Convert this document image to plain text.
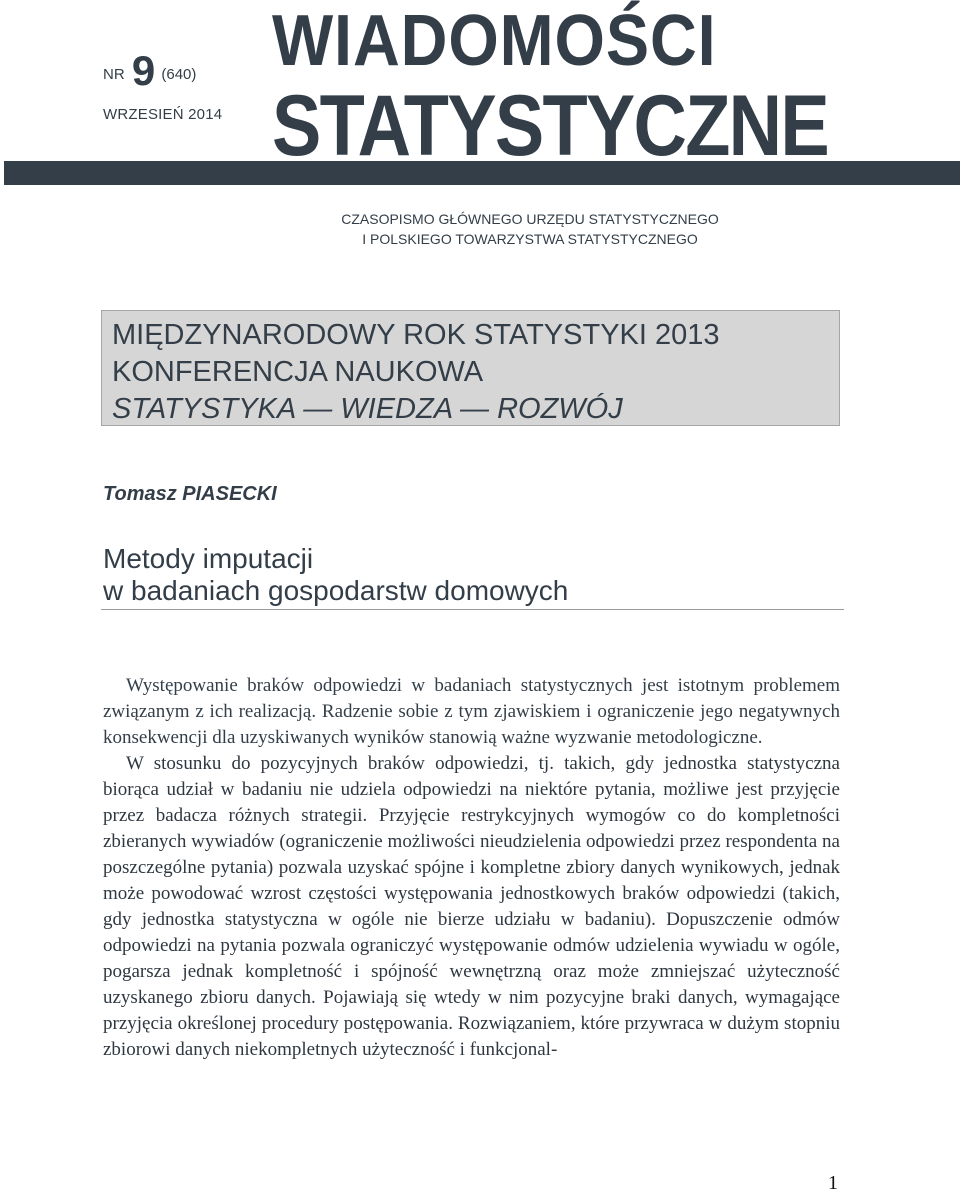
NR 9 (640)
WRZESIEŃ 2014
WIADOMOŚCI
STATYSTYCZNE
CZASOPISMO GŁÓWNEGO URZĘDU STATYSTYCZNEGO
I POLSKIEGO TOWARZYSTWA STATYSTYCZNEGO
MIĘDZYNARODOWY ROK STATYSTYKI 2013
KONFERENCJA NAUKOWA
STATYSTYKA — WIEDZA — ROZWÓJ
Tomasz PIASECKI
Metody imputacji
w badaniach gospodarstw domowych

Występowanie braków odpowiedzi w badaniach statystycznych jest istotnym problemem związanym z ich realizacją. Radzenie sobie z tym zjawiskiem i ograniczenie jego negatywnych konsekwencji dla uzyskiwanych wyników stanowią ważne wyzwanie metodologiczne.

W stosunku do pozycyjnych braków odpowiedzi, tj. takich, gdy jednostka statystyczna biorąca udział w badaniu nie udziela odpowiedzi na niektóre pytania, możliwe jest przyjęcie przez badacza różnych strategii. Przyjęcie restrykcyjnych wymogów co do kompletności zbieranych wywiadów (ograniczenie możliwości nieudzielenia odpowiedzi przez respondenta na poszczególne pytania) pozwala uzyskać spójne i kompletne zbiory danych wynikowych, jednak może powodować wzrost częstości występowania jednostkowych braków odpowiedzi (takich, gdy jednostka statystyczna w ogóle nie bierze udziału w badaniu). Dopuszczenie odmów odpowiedzi na pytania pozwala ograniczyć występowanie odmów udzielenia wywiadu w ogóle, pogarsza jednak kompletność i spójność wewnętrzną oraz może zmniejszać użyteczność uzyskanego zbioru danych. Pojawiają się wtedy w nim pozycyjne braki danych, wymagające przyjęcia określonej procedury postępowania. Rozwiązaniem, które przywraca w dużym stopniu zbiorowi danych niekompletnych użyteczność i funkcjonal-

1
